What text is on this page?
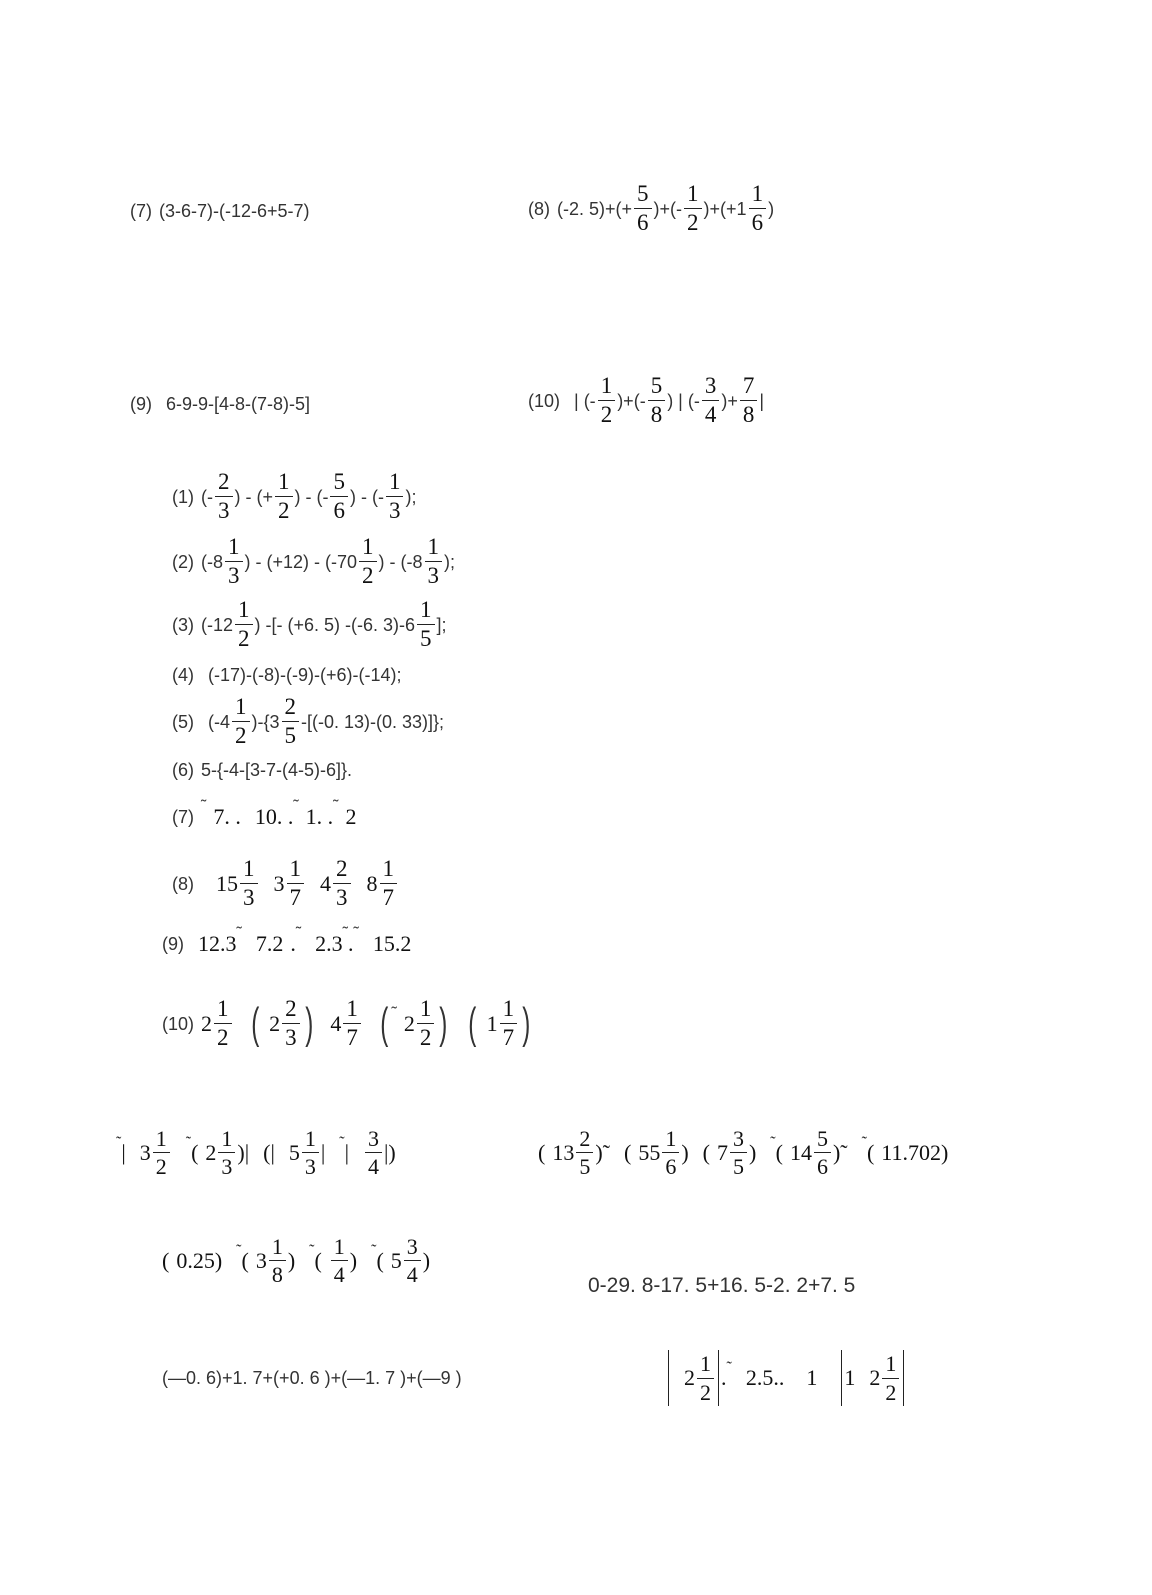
(7) (3-6-7)-(-12-6+5-7)	(8) (-2. $5)+(+ \frac{5}{6}$ )+(-
1
2
)+(+1
1
6
)
(9) 6-9-9-[4-8-(7-8)-5]	(10) | (-
1
2
)+(-
5
8
) | (-
3
4
)+ $\frac{7}{8}$ |
(1) (-
2
3
) - (+ $\frac{1}{2}$ ) - (-
5
6
) - (-
1
3
);
(2) (-8
1
3
) - (+12) - (-70
1
2
) - (-8
1
3
);
(3) (-12
1
2
) -[- (+6. 5) -(-6. 3)-6
1
5
];
(4) (-17)-(-8)-(-9)-(+6)-(-14);
(5) (-4
1
2
)-{3
2
5
-[(-0. 13)-(0. 33)]};
(6) 5-{-4-[3-7-(4-5)-6]}.
(7)
˜ 7 . . 10 . . ˜ 1 . . ˜ 2
(8) 15
1
3
3
1
7
4
2
3
8
1
7
(9) 12.3 ˜ 7.2 . ˜ 2.3 ˜ . ˜ 15.2
(10) 2
1
2 ( 2
2
3 ) 4
1
7 ( ˜ 2
1
2 ) ( 1
1
7 )
˜ | 3
1
2
˜ ( 2
1
3
)| (| 5
1
3
| ˜ |
3
4
|)	( 13
2
5
)˜ ( 55
1
6
) ( 7
3
5
) ˜ ( 14
5
6
)˜ ˜ ( 11.702 )
( 0.25 ) ˜ ( 3
1
8
) ˜ (
1
4
) ˜ ( 5
3
4
)
0-29. 8-17. 5+16. 5-2. 2+7. 5
(—0. 6)+1. 7+(+0. 6 )+(—1. 7 )+(—9 )	2
1
2
. ˜ 2.5 .. 1 1 2
1
2
